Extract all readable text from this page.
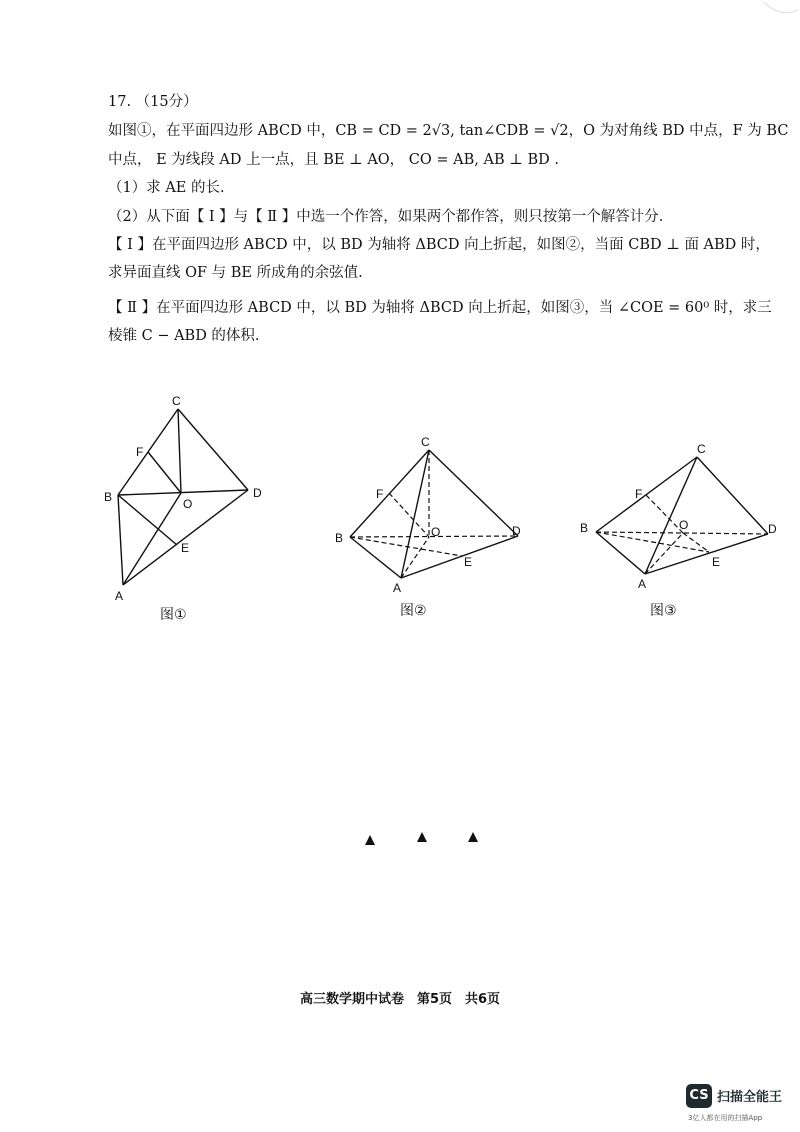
17. （15分）
如图①，在平面四边形 ABCD 中，CB = CD = 2√3, tan∠CDB = √2，O 为对角线 BD 中点，F 为 BC
中点， E 为线段 AD 上一点，且 BE ⊥ AO， CO = AB, AB ⊥ BD .
（1）求 AE 的长.
（2）从下面【 Ⅰ 】与【 Ⅱ 】中选一个作答，如果两个都作答，则只按第一个解答计分.
【 Ⅰ 】在平面四边形 ABCD 中，以 BD 为轴将 ΔBCD 向上折起，如图②，当面 CBD ⊥ 面 ABD 时，
求异面直线 OF 与 BE 所成角的余弦值.
【 Ⅱ 】在平面四边形 ABCD 中，以 BD 为轴将 ΔBCD 向上折起，如图③，当 ∠COE = 60⁰ 时，求三
棱锥 C − ABD 的体积.
C
F
B	O
D
E
A
图①
C
F
B	O	D
E
A
图②
C
F
B	O	D
E
A
图③
高三数学期中试卷　第5页　共6页
CS 扫描全能王
3亿人都在用的扫描App
